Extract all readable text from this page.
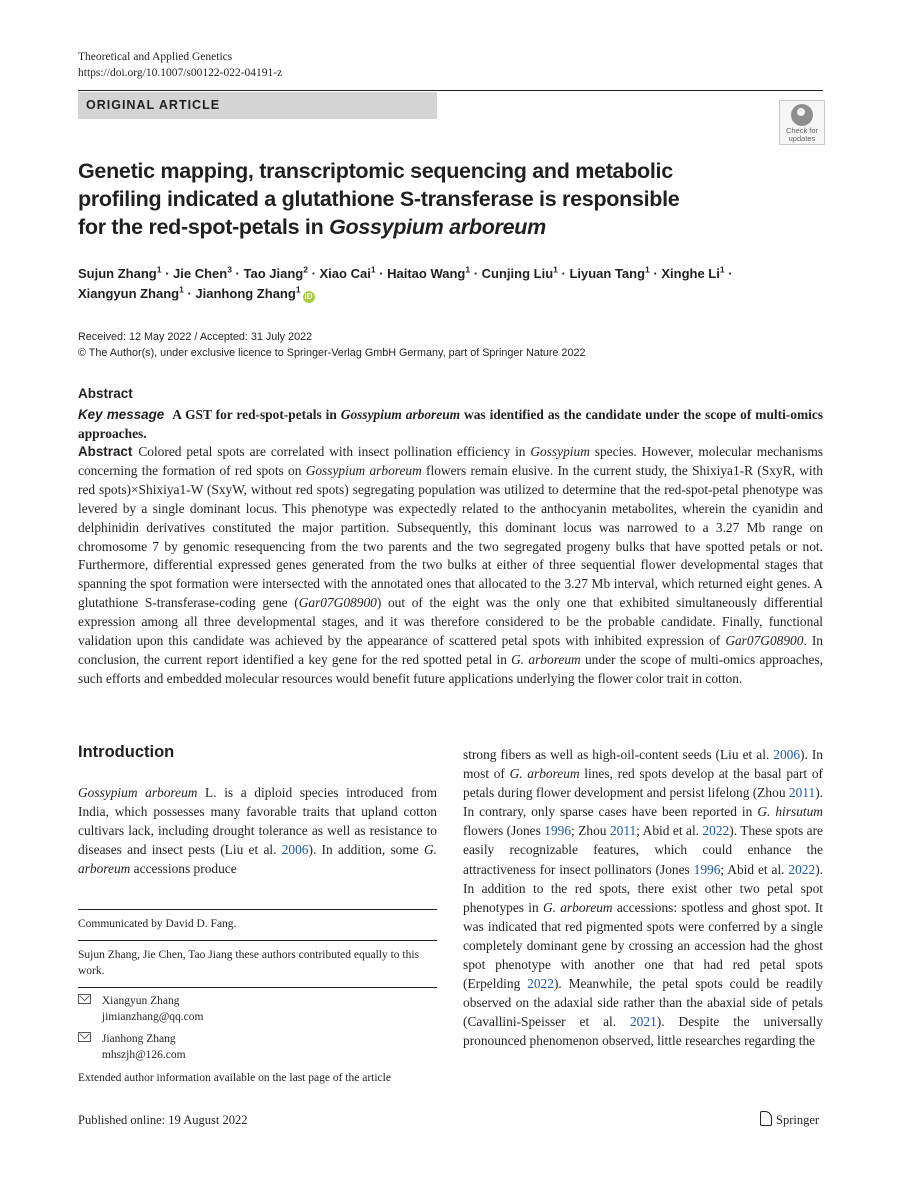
Theoretical and Applied Genetics
https://doi.org/10.1007/s00122-022-04191-z
ORIGINAL ARTICLE
Check for
updates
Genetic mapping, transcriptomic sequencing and metabolic
profiling indicated a glutathione S-transferase is responsible
for the red-spot-petals in Gossypium arboreum
Sujun Zhang$^1$ · Jie Chen$^3$ · Tao Jiang$^2$ · Xiao Cai$^1$ · Haitao Wang$^1$ · Cunjing Liu$^1$ · Liyuan Tang$^1$ · Xinghe $Li^1$ ·
Xiangyun Zhang$^1$ · Jianhong Zhang$^1$iD
Received: 12 May 2022 / Accepted: 31 July 2022
© The Author(s), under exclusive licence to Springer-Verlag GmbH Germany, part of Springer Nature 2022
Abstract
Key message A GST for red-spot-petals in Gossypium arboreum was identified as the candidate under the scope of multi-omics approaches.
Abstract Colored petal spots are correlated with insect pollination efficiency in Gossypium species. However, molecular mechanisms concerning the formation of red spots on Gossypium arboreum flowers remain elusive. In the current study, the Shixiya1-R (SxyR, with red spots)×Shixiya1-W (SxyW, without red spots) segregating population was utilized to determine that the red-spot-petal phenotype was levered by a single dominant locus. This phenotype was expectedly related to the anthocyanin metabolites, wherein the cyanidin and delphinidin derivatives constituted the major partition. Subsequently, this dominant locus was narrowed to a 3.27 Mb range on chromosome 7 by genomic resequencing from the two parents and the two segregated progeny bulks that have spotted petals or not. Furthermore, differential expressed genes generated from the two bulks at either of three sequential flower developmental stages that spanning the spot formation were intersected with the annotated ones that allocated to the 3.27 Mb interval, which returned eight genes. A glutathione S-transferase-coding gene (Gar07G08900) out of the eight was the only one that exhibited simultaneously differential expression among all three developmental stages, and it was therefore considered to be the probable candidate. Finally, functional validation upon this candidate was achieved by the appearance of scattered petal spots with inhibited expression of Gar07G08900. In conclusion, the current report identified a key gene for the red spotted petal in G. arboreum under the scope of multi-omics approaches, such efforts and embedded molecular resources would benefit future applications underlying the flower color trait in cotton.
Introduction
Gossypium arboreum L. is a diploid species introduced from India, which possesses many favorable traits that upland cotton cultivars lack, including drought tolerance as well as resistance to diseases and insect pests (Liu et al. 2006). In addition, some G. arboreum accessions produce
strong fibers as well as high-oil-content seeds (Liu et al. 2006). In most of G. arboreum lines, red spots develop at the basal part of petals during flower development and persist lifelong (Zhou 2011). In contrary, only sparse cases have been reported in G. hirsutum flowers (Jones 1996; Zhou 2011; Abid et al. 2022). These spots are easily recognizable features, which could enhance the attractiveness for insect pollinators (Jones 1996; Abid et al. 2022). In addition to the red spots, there exist other two petal spot phenotypes in G. arboreum accessions: spotless and ghost spot. It was indicated that red pigmented spots were conferred by a single completely dominant gene by crossing an accession had the ghost spot phenotype with another one that had red petal spots (Erpelding 2022). Meanwhile, the petal spots could be readily observed on the adaxial side rather than the abaxial side of petals (Cavallini-Speisser et al. 2021). Despite the universally pronounced phenomenon observed, little researches regarding the
Communicated by David D. Fang.
Sujun Zhang, Jie Chen, Tao Jiang these authors contributed equally to this work.

Xiangyun Zhang
jimianzhang@qq.com

Jianhong Zhang
mhszjh@126.com
Extended author information available on the last page of the article
Published online: 19 August 2022	Springer
